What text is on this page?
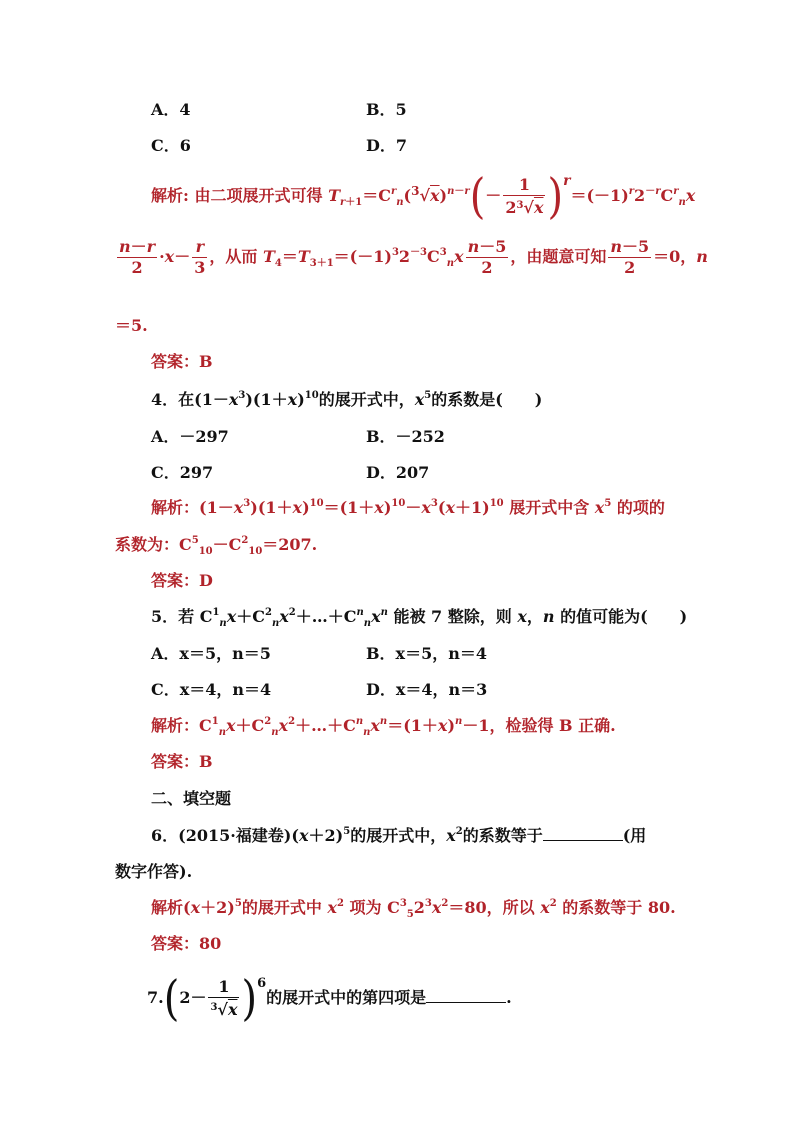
A．4	B．5
C．6	D．7
解析: 由二项展开式可得 $T_{r+1}=C^r_n(^3√x)^{n-r}(- \frac{1}{2^3√x} )^r=(-1)^r2^{-r}C^r_nx$
$\frac{n-r}{2} \cdot x- \frac{r}{3}$ ，从而 $T_4=T_{3+1}=(-1)^32^{-3}C^3_nx \frac{n-5}{2}$ ，由题意可知 $\frac{n-5}{2} =0$，n
＝5.
答案：B
4．在$(1-x^3)(1+x)^{10}$的展开式中，$x^5$的系数是(　　)
A．－297	B．－252
C．297	D．207
解析：$(1-x^3)(1+x)^{10}=(1+x)^{10}-x^3(x+1)^{10}$ 展开式中含 $x^5$ 的项的
系数为：$C^5_{10}-C^2_{10}=207$.
答案：D
5．若 $C^1_nx+C^2_nx^2+\dots+C^n_nx^n$ 能被 7 整除，则 x，n 的值可能为(　　)
A．x＝5，n＝5	B．x＝5，n＝4
C．x＝4，n＝4	D．x＝4，n＝3
解析：$C^1_nx+C^2_nx^2+\dots+C^n_nx^n=(1+x)^n-1$，检验得 B 正确.
答案：B
二、填空题
6．(2015·福建卷)$(x+2)^5$的展开式中，$x^2$的系数等于	(用
数字作答).
解析$(x+2)^5$的展开式中 $x^2$ 项为 $C^3_52^3x^2=80$，所以 $x^2$ 的系数等于 80.
答案：80
$7.(2- \frac{1}{^3√x} )^6$的展开式中的第四项是	.
